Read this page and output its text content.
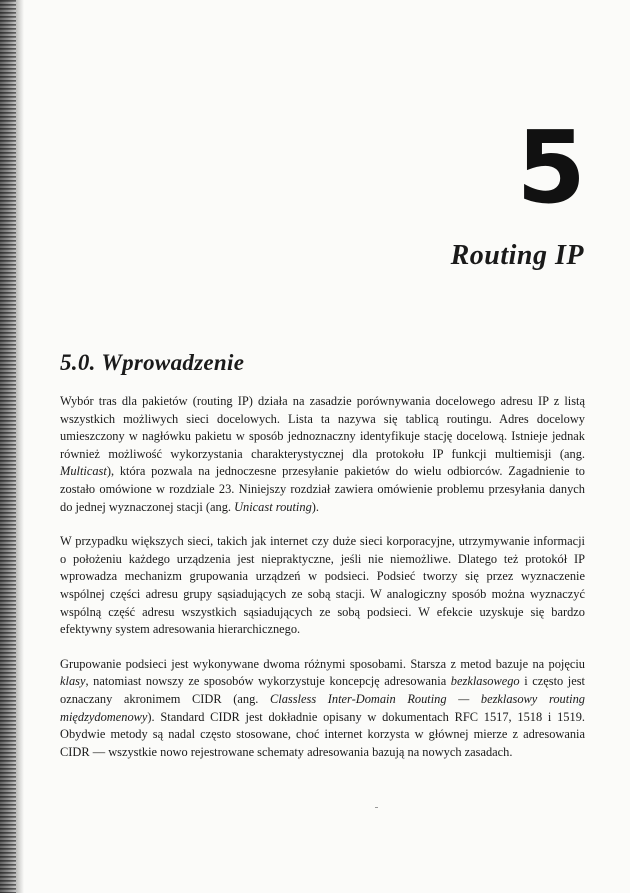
5
Routing IP
5.0. Wprowadzenie

Wybór tras dla pakietów (routing IP) działa na zasadzie porównywania docelowego adresu IP z listą wszystkich możliwych sieci docelowych. Lista ta nazywa się tablicą routingu. Adres docelowy umieszczony w nagłówku pakietu w sposób jednoznaczny identyfikuje stację docelową. Istnieje jednak również możliwość wykorzystania charakterystycznej dla protokołu IP funkcji multiemisji (ang. Multicast), która pozwala na jednoczesne przesyłanie pakietów do wielu odbiorców. Zagadnienie to zostało omówione w rozdziale 23. Niniejszy rozdział zawiera omówienie problemu przesyłania danych do jednej wyznaczonej stacji (ang. Unicast routing).

W przypadku większych sieci, takich jak internet czy duże sieci korporacyjne, utrzymywanie informacji o położeniu każdego urządzenia jest niepraktyczne, jeśli nie niemożliwe. Dlatego też protokół IP wprowadza mechanizm grupowania urządzeń w podsieci. Podsieć tworzy się przez wyznaczenie wspólnej części adresu grupy sąsiadujących ze sobą stacji. W analogiczny sposób można wyznaczyć wspólną część adresu wszystkich sąsiadujących ze sobą podsieci. W efekcie uzyskuje się bardzo efektywny system adresowania hierarchicznego.

Grupowanie podsieci jest wykonywane dwoma różnymi sposobami. Starsza z metod bazuje na pojęciu klasy, natomiast nowszy ze sposobów wykorzystuje koncepcję adresowania bezklasowego i często jest oznaczany akronimem CIDR (ang. Classless Inter-Domain Routing — bezklasowy routing międzydomenowy). Standard CIDR jest dokładnie opisany w dokumentach RFC 1517, 1518 i 1519. Obydwie metody są nadal często stosowane, choć internet korzysta w głównej mierze z adresowania CIDR — wszystkie nowo rejestrowane schematy adresowania bazują na nowych zasadach.
